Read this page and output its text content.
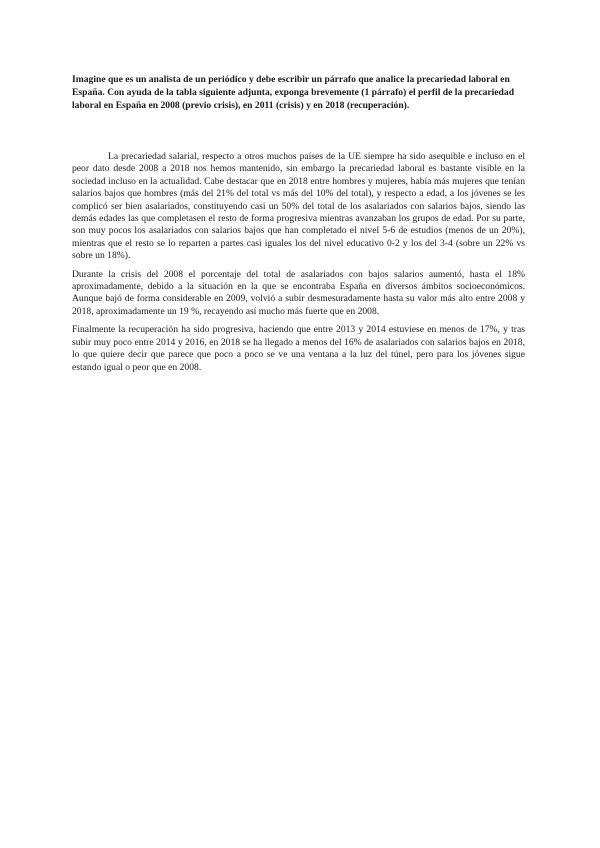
Imagine que es un analista de un periódico y debe escribir un párrafo que analice la precariedad laboral en España. Con ayuda de la tabla siguiente adjunta, exponga brevemente (1 párrafo) el perfil de la precariedad laboral en España en 2008 (previo crisis), en 2011 (crisis) y en 2018 (recuperación).

La precariedad salarial, respecto a otros muchos países de la UE siempre ha sido asequible e incluso en el peor dato desde 2008 a 2018 nos hemos mantenido, sin embargo la precariedad laboral es bastante visible en la sociedad incluso en la actualidad. Cabe destacar que en 2018 entre hombres y mujeres, había más mujeres que tenían salarios bajos que hombres (más del 21% del total vs más del 10% del total), y respecto a edad, a los jóvenes se les complicó ser bien asalariados, constituyendo casi un 50% del total de los asalariados con salarios bajos, siendo las demás edades las que completasen el resto de forma progresiva mientras avanzaban los grupos de edad. Por su parte, son muy pocos los asalariados con salarios bajos que han completado el nivel 5-6 de estudios (menos de un 20%), mientras que el resto se lo reparten a partes casi iguales los del nivel educativo 0-2 y los del 3-4 (sobre un 22% vs sobre un 18%).

Durante la crisis del 2008 el porcentaje del total de asalariados con bajos salarios aumentó, hasta el 18% aproximadamente, debido a la situación en la que se encontraba España en diversos ámbitos socioeconómicos. Aunque bajó de forma considerable en 2009, volvió a subir desmesuradamente hasta su valor más alto entre 2008 y 2018, aproximadamente un 19 %, recayendo así mucho más fuerte que en 2008.

Finalmente la recuperación ha sido progresiva, haciendo que entre 2013 y 2014 estuviese en menos de 17%, y tras subir muy poco entre 2014 y 2016, en 2018 se ha llegado a menos del 16% de asalariados con salarios bajos en 2018, lo que quiere decir que parece que poco a poco se ve una ventana a la luz del túnel, pero para los jóvenes sigue estando igual o peor que en 2008.
